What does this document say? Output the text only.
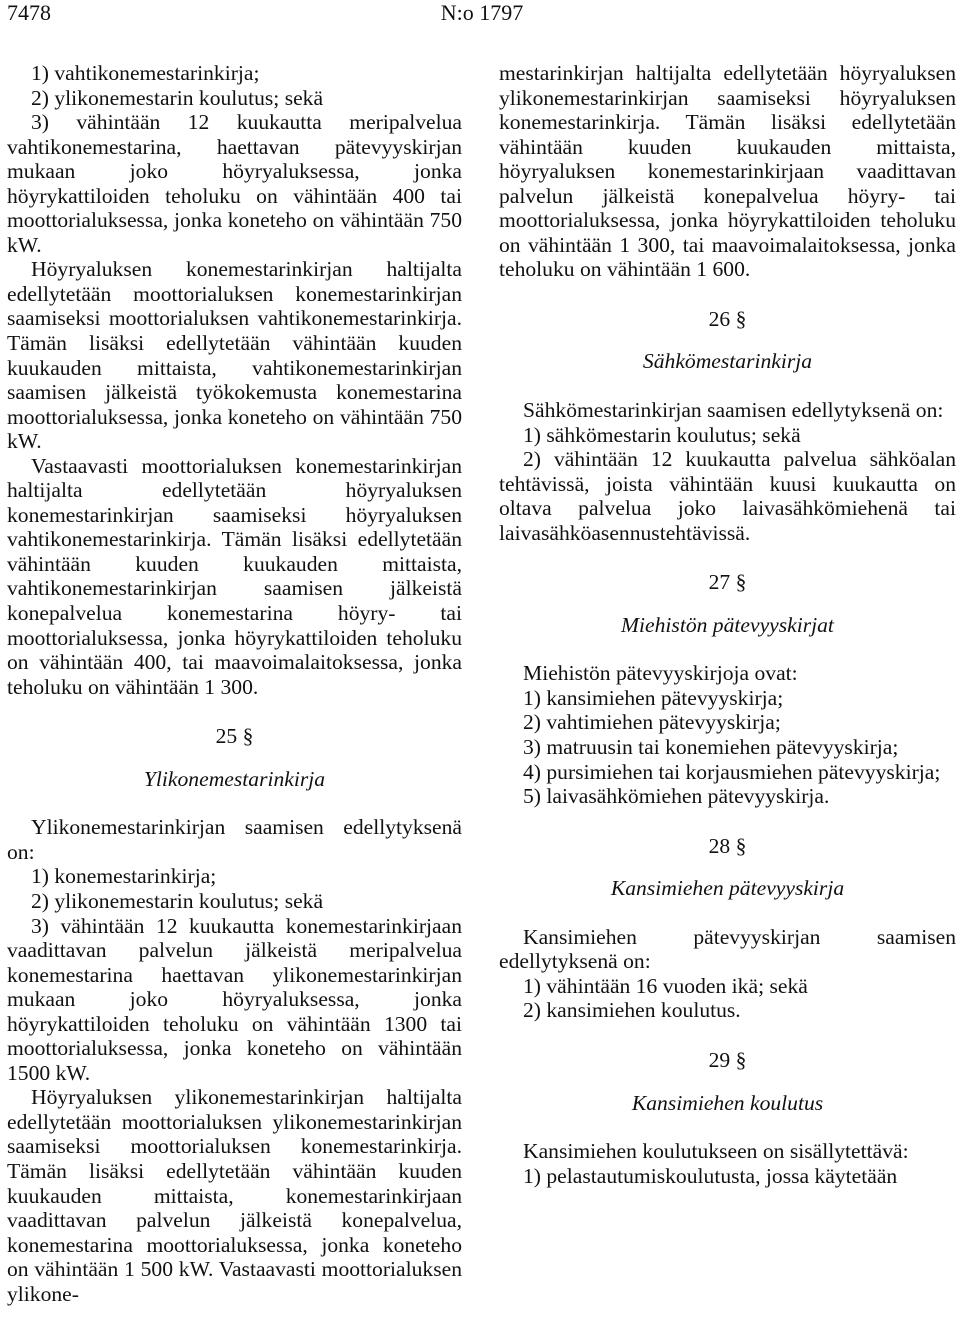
7478	N:o 1797

1) vahtikonemestarinkirja;

2) ylikonemestarin koulutus; sekä

3) vähintään 12 kuukautta meripalvelua vahtikonemestarina, haettavan pätevyyskirjan mukaan joko höyryaluksessa, jonka höyrykattiloiden teholuku on vähintään 400 tai moottorialuksessa, jonka koneteho on vähintään 750 kW.

Höyryaluksen konemestarinkirjan haltijalta edellytetään moottorialuksen konemestarinkirjan saamiseksi moottorialuksen vahtikonemestarinkirja. Tämän lisäksi edellytetään vähintään kuuden kuukauden mittaista, vahtikonemestarinkirjan saamisen jälkeistä työkokemusta konemestarina moottorialuksessa, jonka koneteho on vähintään 750 kW.

Vastaavasti moottorialuksen konemestarinkirjan haltijalta edellytetään höyryaluksen konemestarinkirjan saamiseksi höyryaluksen vahtikonemestarinkirja. Tämän lisäksi edellytetään vähintään kuuden kuukauden mittaista, vahtikonemestarinkirjan saamisen jälkeistä konepalvelua konemestarina höyry- tai moottorialuksessa, jonka höyrykattiloiden teholuku on vähintään 400, tai maavoimalaitoksessa, jonka teholuku on vähintään 1 300.

25 §

Ylikonemestarinkirja

Ylikonemestarinkirjan saamisen edellytyksenä on:

1) konemestarinkirja;

2) ylikonemestarin koulutus; sekä

3) vähintään 12 kuukautta konemestarinkirjaan vaadittavan palvelun jälkeistä meripalvelua konemestarina haettavan ylikonemestarinkirjan mukaan joko höyryaluksessa, jonka höyrykattiloiden teholuku on vähintään 1300 tai moottorialuksessa, jonka koneteho on vähintään 1500 kW.

Höyryaluksen ylikonemestarinkirjan haltijalta edellytetään moottorialuksen ylikonemestarinkirjan saamiseksi moottorialuksen konemestarinkirja. Tämän lisäksi edellytetään vähintään kuuden kuukauden mittaista, konemestarinkirjaan vaadittavan palvelun jälkeistä konepalvelua, konemestarina moottorialuksessa, jonka koneteho on vähintään 1 500 kW. Vastaavasti moottorialuksen ylikone-

mestarinkirjan haltijalta edellytetään höyryaluksen ylikonemestarinkirjan saamiseksi höyryaluksen konemestarinkirja. Tämän lisäksi edellytetään vähintään kuuden kuukauden mittaista, höyryaluksen konemestarinkirjaan vaadittavan palvelun jälkeistä konepalvelua höyry- tai moottorialuksessa, jonka höyrykattiloiden teholuku on vähintään 1 300, tai maavoimalaitoksessa, jonka teholuku on vähintään 1 600.

26 §

Sähkömestarinkirja

Sähkömestarinkirjan saamisen edellytyksenä on:

1) sähkömestarin koulutus; sekä

2) vähintään 12 kuukautta palvelua sähköalan tehtävissä, joista vähintään kuusi kuukautta on oltava palvelua joko laivasähkömiehenä tai laivasähköasennustehtävissä.

27 §

Miehistön pätevyyskirjat

Miehistön pätevyyskirjoja ovat:

1) kansimiehen pätevyyskirja;

2) vahtimiehen pätevyyskirja;

3) matruusin tai konemiehen pätevyyskirja;

4) pursimiehen tai korjausmiehen pätevyyskirja;

5) laivasähkömiehen pätevyyskirja.

28 §

Kansimiehen pätevyyskirja

Kansimiehen pätevyyskirjan saamisen edellytyksenä on:

1) vähintään 16 vuoden ikä; sekä

2) kansimiehen koulutus.

29 §

Kansimiehen koulutus

Kansimiehen koulutukseen on sisällytettävä:

1) pelastautumiskoulutusta, jossa käytetään
